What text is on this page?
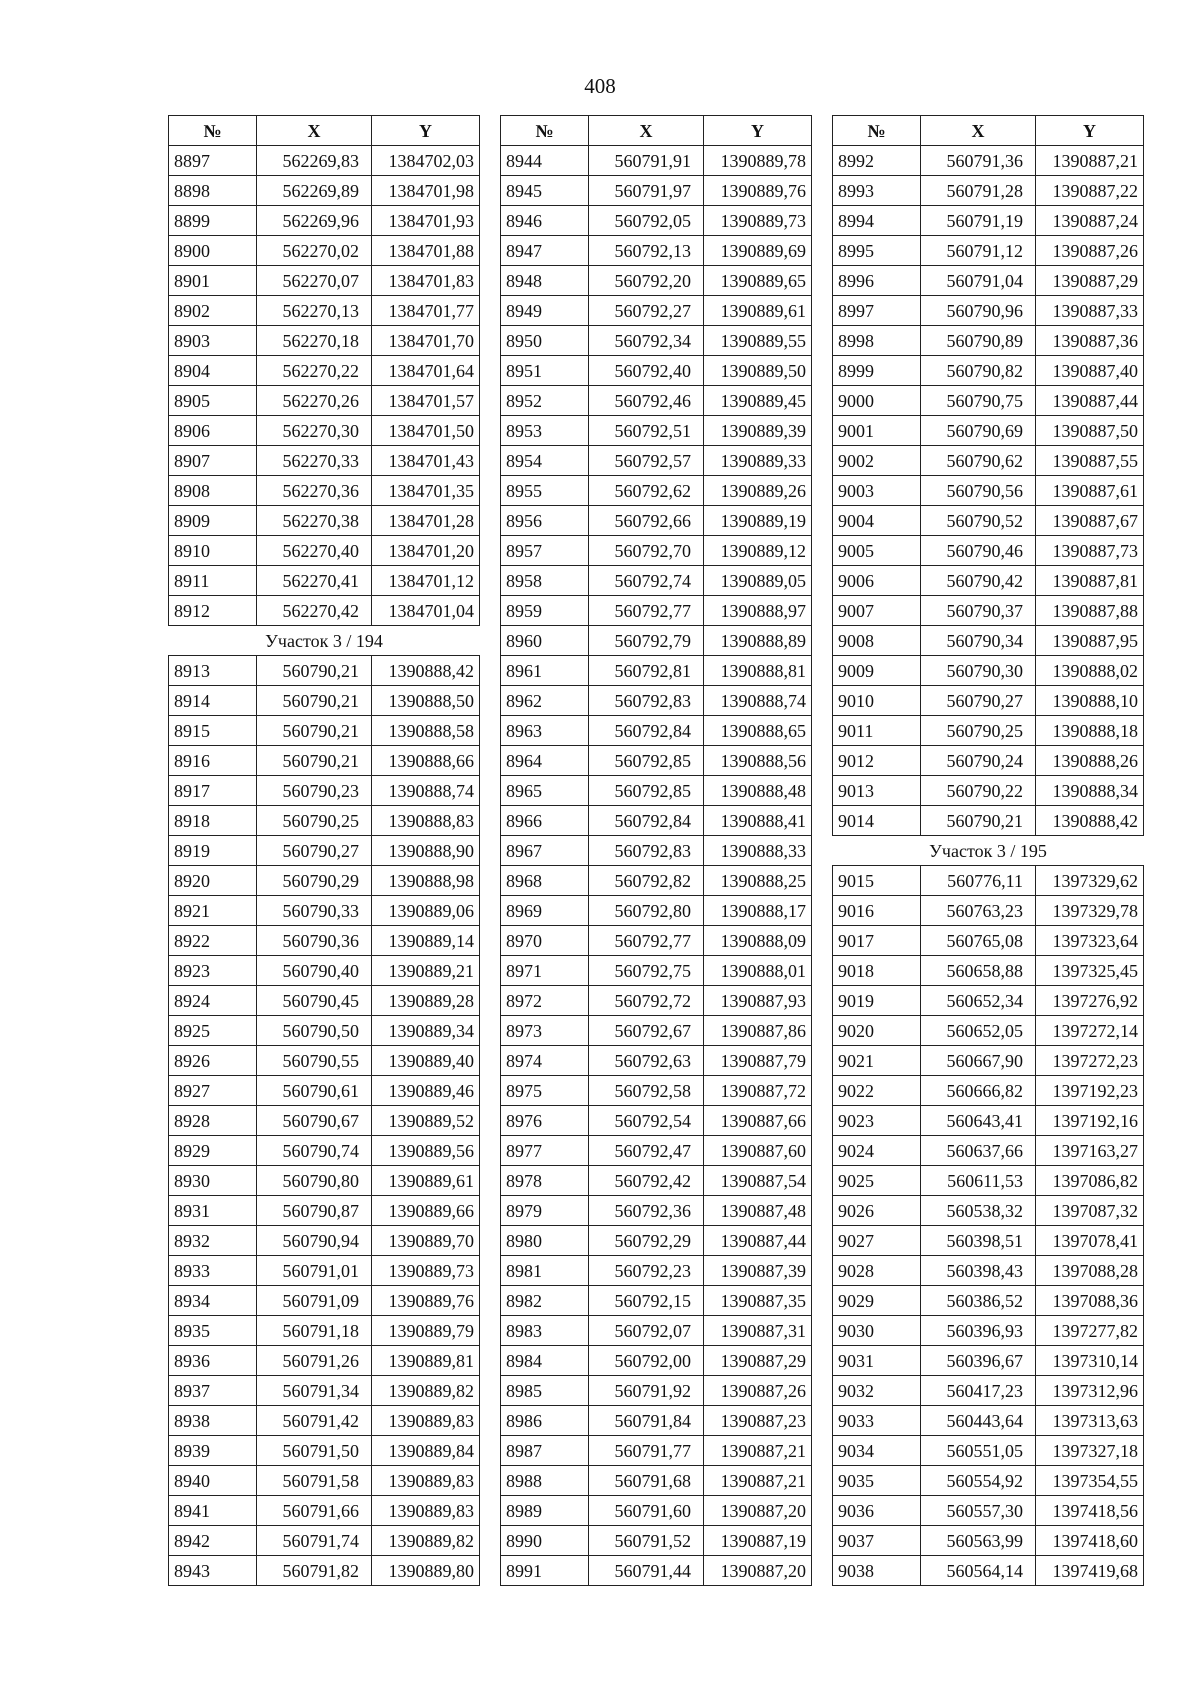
408
№	X	Y
8897	562269,83	1384702,03
8898	562269,89	1384701,98
8899	562269,96	1384701,93
8900	562270,02	1384701,88
8901	562270,07	1384701,83
8902	562270,13	1384701,77
8903	562270,18	1384701,70
8904	562270,22	1384701,64
8905	562270,26	1384701,57
8906	562270,30	1384701,50
8907	562270,33	1384701,43
8908	562270,36	1384701,35
8909	562270,38	1384701,28
8910	562270,40	1384701,20
8911	562270,41	1384701,12
8912	562270,42	1384701,04
Участок 3 / 194		
8913	560790,21	1390888,42
8914	560790,21	1390888,50
8915	560790,21	1390888,58
8916	560790,21	1390888,66
8917	560790,23	1390888,74
8918	560790,25	1390888,83
8919	560790,27	1390888,90
8920	560790,29	1390888,98
8921	560790,33	1390889,06
8922	560790,36	1390889,14
8923	560790,40	1390889,21
8924	560790,45	1390889,28
8925	560790,50	1390889,34
8926	560790,55	1390889,40
8927	560790,61	1390889,46
8928	560790,67	1390889,52
8929	560790,74	1390889,56
8930	560790,80	1390889,61
8931	560790,87	1390889,66
8932	560790,94	1390889,70
8933	560791,01	1390889,73
8934	560791,09	1390889,76
8935	560791,18	1390889,79
8936	560791,26	1390889,81
8937	560791,34	1390889,82
8938	560791,42	1390889,83
8939	560791,50	1390889,84
8940	560791,58	1390889,83
8941	560791,66	1390889,83
8942	560791,74	1390889,82
8943	560791,82	1390889,80
№	X	Y
8944	560791,91	1390889,78
8945	560791,97	1390889,76
8946	560792,05	1390889,73
8947	560792,13	1390889,69
8948	560792,20	1390889,65
8949	560792,27	1390889,61
8950	560792,34	1390889,55
8951	560792,40	1390889,50
8952	560792,46	1390889,45
8953	560792,51	1390889,39
8954	560792,57	1390889,33
8955	560792,62	1390889,26
8956	560792,66	1390889,19
8957	560792,70	1390889,12
8958	560792,74	1390889,05
8959	560792,77	1390888,97
8960	560792,79	1390888,89
8961	560792,81	1390888,81
8962	560792,83	1390888,74
8963	560792,84	1390888,65
8964	560792,85	1390888,56
8965	560792,85	1390888,48
8966	560792,84	1390888,41
8967	560792,83	1390888,33
8968	560792,82	1390888,25
8969	560792,80	1390888,17
8970	560792,77	1390888,09
8971	560792,75	1390888,01
8972	560792,72	1390887,93
8973	560792,67	1390887,86
8974	560792,63	1390887,79
8975	560792,58	1390887,72
8976	560792,54	1390887,66
8977	560792,47	1390887,60
8978	560792,42	1390887,54
8979	560792,36	1390887,48
8980	560792,29	1390887,44
8981	560792,23	1390887,39
8982	560792,15	1390887,35
8983	560792,07	1390887,31
8984	560792,00	1390887,29
8985	560791,92	1390887,26
8986	560791,84	1390887,23
8987	560791,77	1390887,21
8988	560791,68	1390887,21
8989	560791,60	1390887,20
8990	560791,52	1390887,19
8991	560791,44	1390887,20
№	X	Y
8992	560791,36	1390887,21
8993	560791,28	1390887,22
8994	560791,19	1390887,24
8995	560791,12	1390887,26
8996	560791,04	1390887,29
8997	560790,96	1390887,33
8998	560790,89	1390887,36
8999	560790,82	1390887,40
9000	560790,75	1390887,44
9001	560790,69	1390887,50
9002	560790,62	1390887,55
9003	560790,56	1390887,61
9004	560790,52	1390887,67
9005	560790,46	1390887,73
9006	560790,42	1390887,81
9007	560790,37	1390887,88
9008	560790,34	1390887,95
9009	560790,30	1390888,02
9010	560790,27	1390888,10
9011	560790,25	1390888,18
9012	560790,24	1390888,26
9013	560790,22	1390888,34
9014	560790,21	1390888,42
Участок 3 / 195		
9015	560776,11	1397329,62
9016	560763,23	1397329,78
9017	560765,08	1397323,64
9018	560658,88	1397325,45
9019	560652,34	1397276,92
9020	560652,05	1397272,14
9021	560667,90	1397272,23
9022	560666,82	1397192,23
9023	560643,41	1397192,16
9024	560637,66	1397163,27
9025	560611,53	1397086,82
9026	560538,32	1397087,32
9027	560398,51	1397078,41
9028	560398,43	1397088,28
9029	560386,52	1397088,36
9030	560396,93	1397277,82
9031	560396,67	1397310,14
9032	560417,23	1397312,96
9033	560443,64	1397313,63
9034	560551,05	1397327,18
9035	560554,92	1397354,55
9036	560557,30	1397418,56
9037	560563,99	1397418,60
9038	560564,14	1397419,68
